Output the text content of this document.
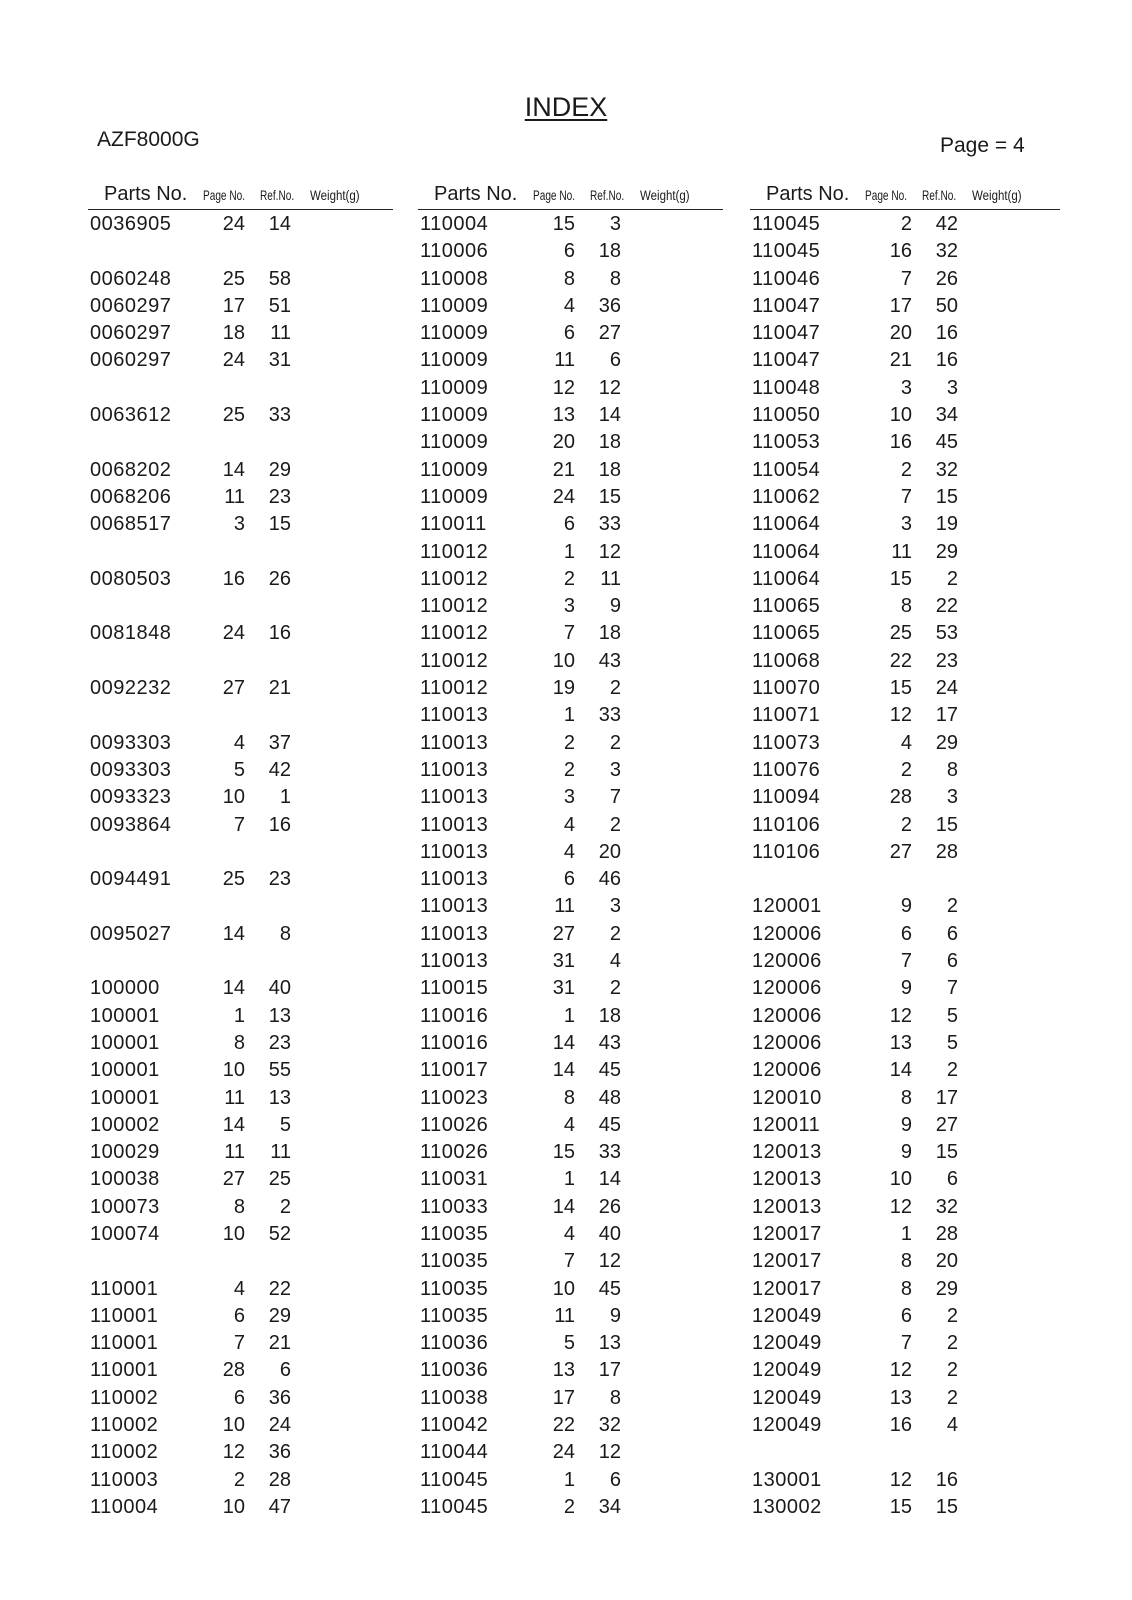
INDEX
AZF8000G	Page = 4
Parts No. Page No. Ref.No. Weight(g)
0036905	24 14
0060248	25 58
0060297	17 51
0060297	18 11
0060297	24 31
0063612	25 33
0068202	14 29
0068206	11 23
0068517	3 15
0080503	16 26
0081848	24 16
0092232	27 21
0093303	4 37
0093303	5 42
0093323	10 1
0093864	7 16
0094491	25 23
0095027	14 8
100000	14 40
100001	1 13
100001	8 23
100001	10 55
100001	11 13
100002	14 5
100029	11 11
100038	27 25
100073	8 2
100074	10 52
110001	4 22
110001	6 29
110001	7 21
110001	28 6
110002	6 36
110002	10 24
110002	12 36
110003	2 28
110004	10 47
Parts No. Page No. Ref.No. Weight(g)
110004	15 3
110006	6 18
110008	8 8
110009	4 36
110009	6 27
110009	11 6
110009	12 12
110009	13 14
110009	20 18
110009	21 18
110009	24 15
110011	6 33
110012	1 12
110012	2 11
110012	3 9
110012	7 18
110012	10 43
110012	19 2
110013	1 33
110013	2 2
110013	2 3
110013	3 7
110013	4 2
110013	4 20
110013	6 46
110013	11 3
110013	27 2
110013	31 4
110015	31 2
110016	1 18
110016	14 43
110017	14 45
110023	8 48
110026	4 45
110026	15 33
110031	1 14
110033	14 26
110035	4 40
110035	7 12
110035	10 45
110035	11 9
110036	5 13
110036	13 17
110038	17 8
110042	22 32
110044	24 12
110045	1 6
110045	2 34
Parts No. Page No. Ref.No. Weight(g)
110045	2 42
110045	16 32
110046	7 26
110047	17 50
110047	20 16
110047	21 16
110048	3 3
110050	10 34
110053	16 45
110054	2 32
110062	7 15
110064	3 19
110064	11 29
110064	15 2
110065	8 22
110065	25 53
110068	22 23
110070	15 24
110071	12 17
110073	4 29
110076	2 8
110094	28 3
110106	2 15
110106	27 28
120001	9 2
120006	6 6
120006	7 6
120006	9 7
120006	12 5
120006	13 5
120006	14 2
120010	8 17
120011	9 27
120013	9 15
120013	10 6
120013	12 32
120017	1 28
120017	8 20
120017	8 29
120049	6 2
120049	7 2
120049	12 2
120049	13 2
120049	16 4
130001	12 16
130002	15 15
